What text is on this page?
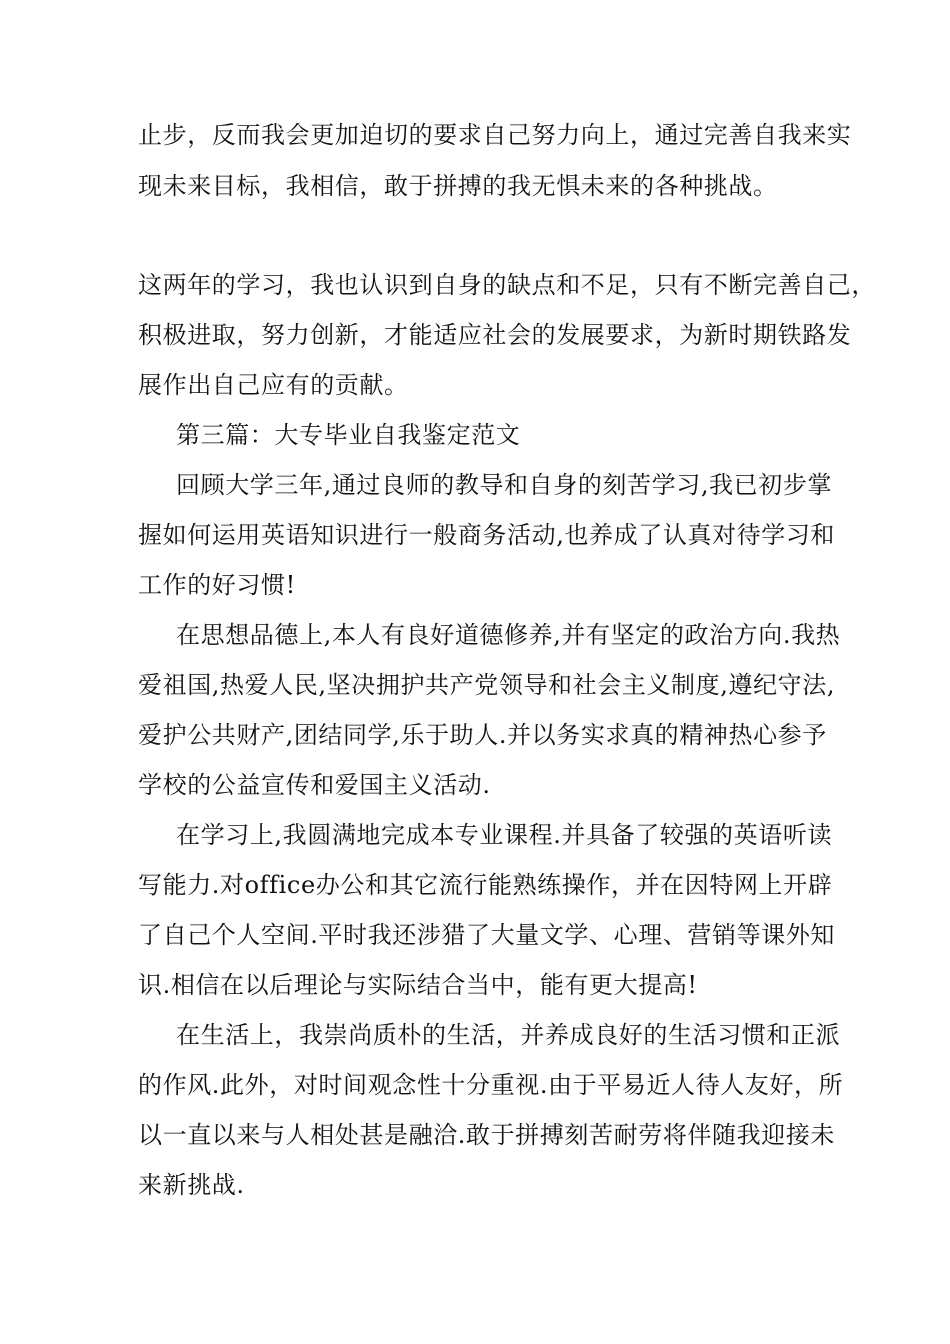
止步，反而我会更加迫切的要求自己努力向上，通过完善自我来实
现未来目标，我相信，敢于拼搏的我无惧未来的各种挑战。
这两年的学习，我也认识到自身的缺点和不足，只有不断完善自己，
积极进取，努力创新，才能适应社会的发展要求，为新时期铁路发
展作出自己应有的贡献。
第三篇：大专毕业自我鉴定范文
回顾大学三年,通过良师的教导和自身的刻苦学习,我已初步掌
握如何运用英语知识进行一般商务活动,也养成了认真对待学习和
工作的好习惯!
在思想品德上,本人有良好道德修养,并有坚定的政治方向.我热
爱祖国,热爱人民,坚决拥护共产党领导和社会主义制度,遵纪守法,
爱护公共财产,团结同学,乐于助人.并以务实求真的精神热心参予
学校的公益宣传和爱国主义活动.
在学习上,我圆满地完成本专业课程.并具备了较强的英语听读
写能力.对office办公和其它流行能熟练操作，并在因特网上开辟
了自己个人空间.平时我还涉猎了大量文学、心理、营销等课外知
识.相信在以后理论与实际结合当中，能有更大提高!
在生活上，我崇尚质朴的生活，并养成良好的生活习惯和正派
的作风.此外，对时间观念性十分重视.由于平易近人待人友好，所
以一直以来与人相处甚是融洽.敢于拼搏刻苦耐劳将伴随我迎接未
来新挑战.
